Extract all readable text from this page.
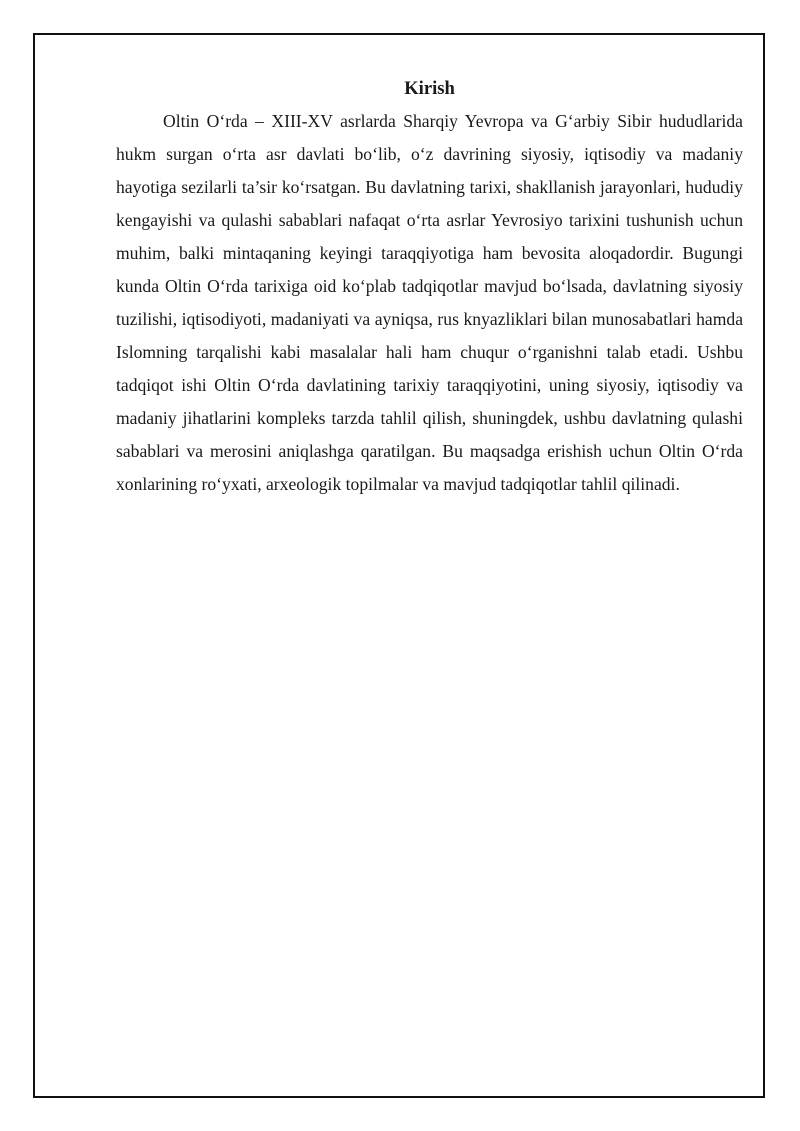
Kirish

Oltin O‘rda – XIII-XV asrlarda Sharqiy Yevropa va G‘arbiy Sibir hududlarida hukm surgan o‘rta asr davlati bo‘lib, o‘z davrining siyosiy, iqtisodiy va madaniy hayotiga sezilarli ta’sir ko‘rsatgan. Bu davlatning tarixi, shakllanish jarayonlari, hududiy kengayishi va qulashi sabablari nafaqat o‘rta asrlar Yevrosiyo tarixini tushunish uchun muhim, balki mintaqaning keyingi taraqqiyotiga ham bevosita aloqadordir. Bugungi kunda Oltin O‘rda tarixiga oid ko‘plab tadqiqotlar mavjud bo‘lsada, davlatning siyosiy tuzilishi, iqtisodiyoti, madaniyati va ayniqsa, rus knyazliklari bilan munosabatlari hamda Islomning tarqalishi kabi masalalar hali ham chuqur o‘rganishni talab etadi. Ushbu tadqiqot ishi Oltin O‘rda davlatining tarixiy taraqqiyotini, uning siyosiy, iqtisodiy va madaniy jihatlarini kompleks tarzda tahlil qilish, shuningdek, ushbu davlatning qulashi sabablari va merosini aniqlashga qaratilgan. Bu maqsadga erishish uchun Oltin O‘rda xonlarining ro‘yxati, arxeologik topilmalar va mavjud tadqiqotlar tahlil qilinadi.
